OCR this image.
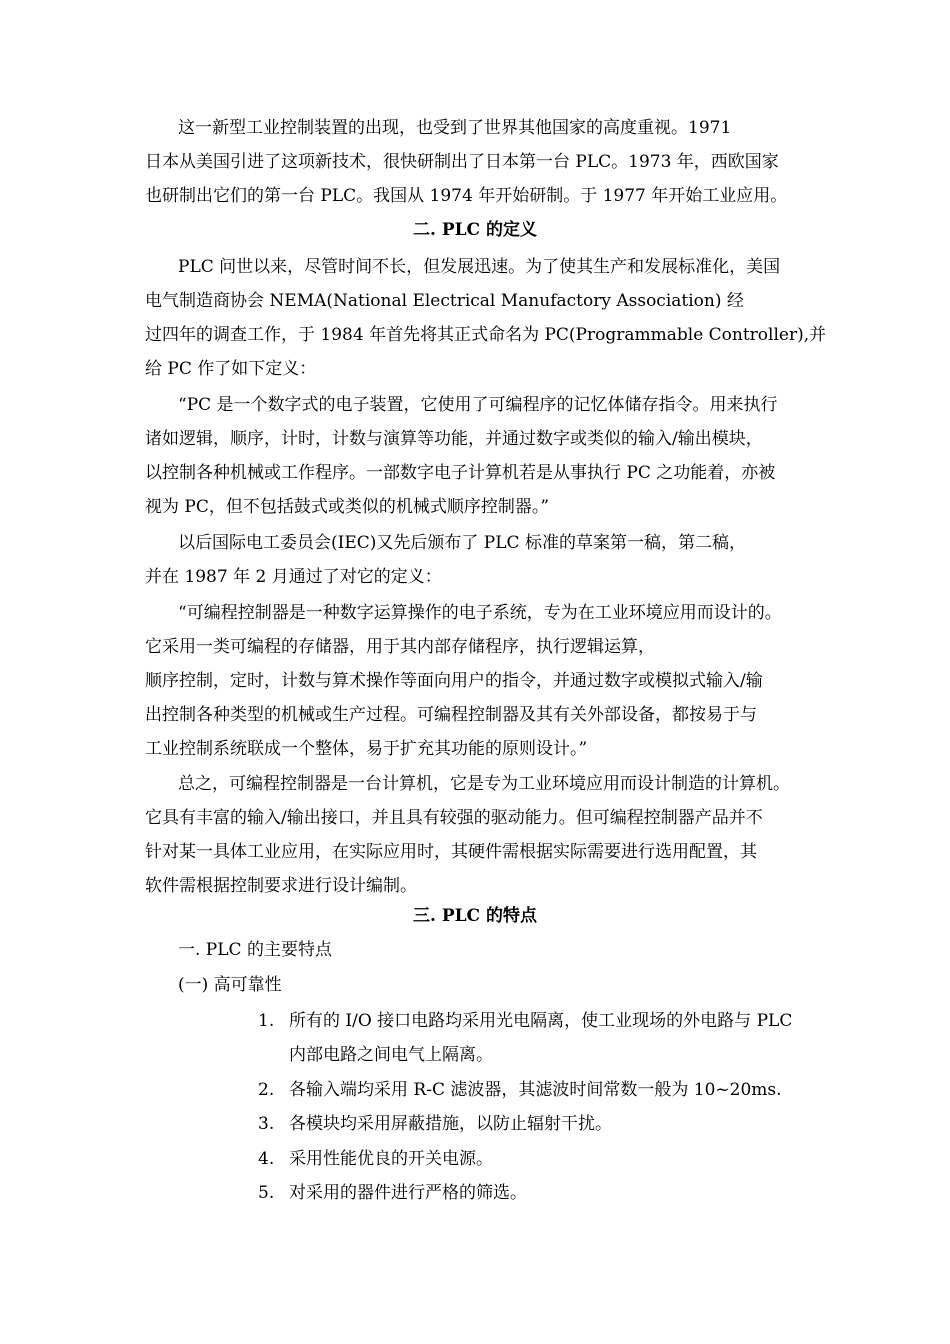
这一新型工业控制装置的出现，也受到了世界其他国家的高度重视。1971
日本从美国引进了这项新技术，很快研制出了日本第一台 PLC。1973 年，西欧国家
也研制出它们的第一台 PLC。我国从 1974 年开始研制。于 1977 年开始工业应用。
二. PLC 的定义
PLC 问世以来，尽管时间不长，但发展迅速。为了使其生产和发展标准化，美国
电气制造商协会 NEMA(National Electrical Manufactory Association) 经
过四年的调查工作，于 1984 年首先将其正式命名为 PC(Programmable Controller),并
给 PC 作了如下定义：
“PC 是一个数字式的电子装置，它使用了可编程序的记忆体储存指令。用来执行
诸如逻辑，顺序，计时，计数与演算等功能，并通过数字或类似的输入/输出模块，
以控制各种机械或工作程序。一部数字电子计算机若是从事执行 PC 之功能着，亦被
视为 PC，但不包括鼓式或类似的机械式顺序控制器。”
以后国际电工委员会(IEC)又先后颁布了 PLC 标准的草案第一稿，第二稿，
并在 1987 年 2 月通过了对它的定义：
“可编程控制器是一种数字运算操作的电子系统，专为在工业环境应用而设计的。
它采用一类可编程的存储器，用于其内部存储程序，执行逻辑运算，
顺序控制，定时，计数与算术操作等面向用户的指令，并通过数字或模拟式输入/输
出控制各种类型的机械或生产过程。可编程控制器及其有关外部设备，都按易于与
工业控制系统联成一个整体，易于扩充其功能的原则设计。”
总之，可编程控制器是一台计算机，它是专为工业环境应用而设计制造的计算机。
它具有丰富的输入/输出接口，并且具有较强的驱动能力。但可编程控制器产品并不
针对某一具体工业应用，在实际应用时，其硬件需根据实际需要进行选用配置，其
软件需根据控制要求进行设计编制。
三. PLC 的特点
一. PLC 的主要特点
(一) 高可靠性
1. 所有的 I/O 接口电路均采用光电隔离，使工业现场的外电路与 PLC
内部电路之间电气上隔离。
2. 各输入端均采用 R-C 滤波器，其滤波时间常数一般为 10~20ms.
3. 各模块均采用屏蔽措施，以防止辐射干扰。
4. 采用性能优良的开关电源。
5. 对采用的器件进行严格的筛选。
